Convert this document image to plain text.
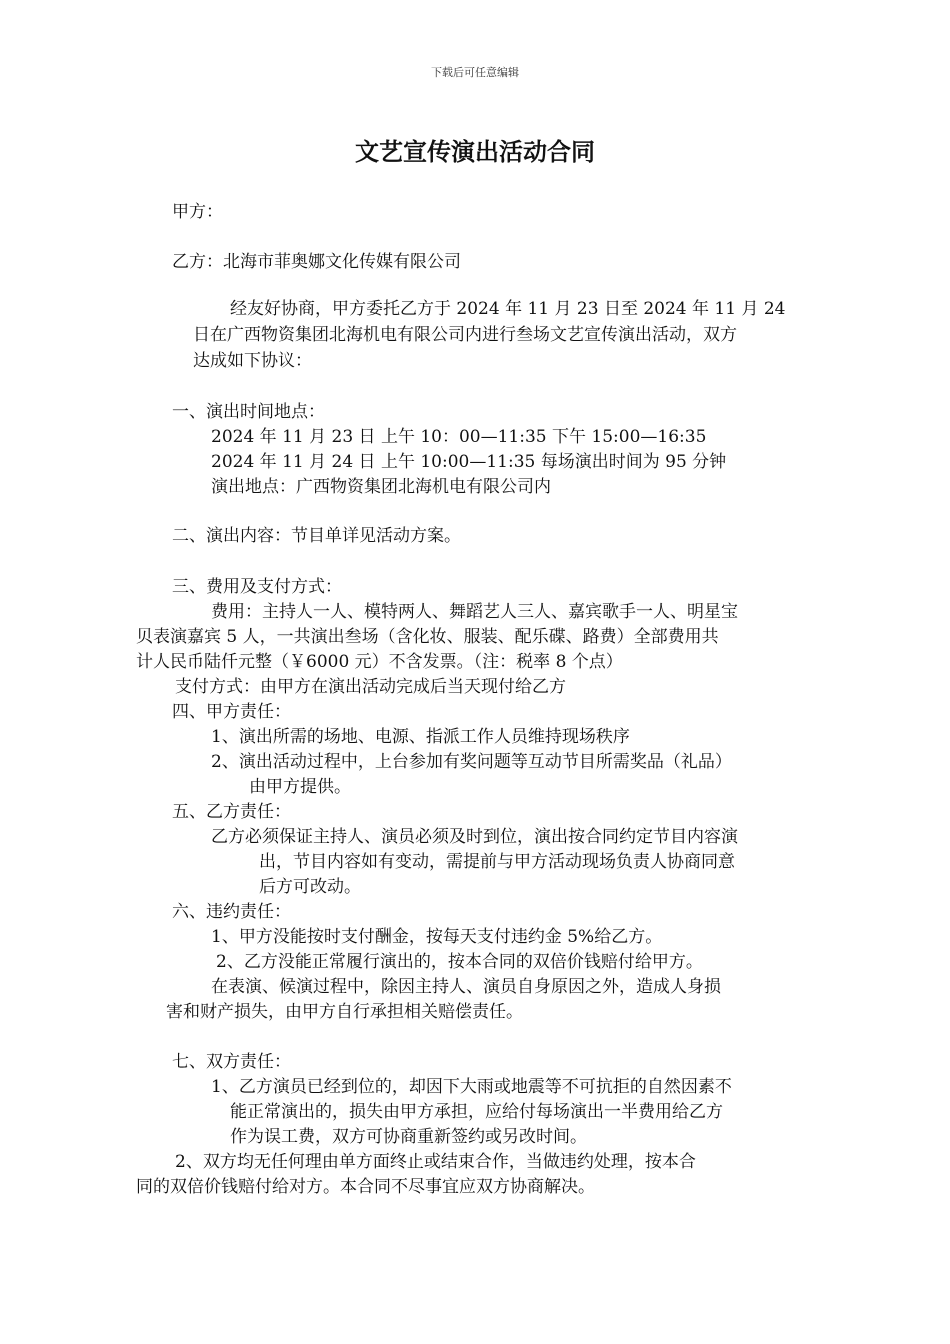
下载后可任意编辑
文艺宣传演出活动合同
甲方：
乙方：北海市菲奥娜文化传媒有限公司
经友好协商，甲方委托乙方于 2024 年 11 月 23 日至 2024 年 11 月 24
日在广西物资集团北海机电有限公司内进行叁场文艺宣传演出活动，双方
达成如下协议：
一、演出时间地点：
2024 年 11 月 23 日 上午 10：00—11:35 下午 15:00—16:35
2024 年 11 月 24 日 上午 10:00—11:35 每场演出时间为 95 分钟
演出地点：广西物资集团北海机电有限公司内
二、演出内容：节目单详见活动方案。
三、费用及支付方式：
费用：主持人一人、模特两人、舞蹈艺人三人、嘉宾歌手一人、明星宝
贝表演嘉宾 5 人，一共演出叁场（含化妆、服装、配乐碟、路费）全部费用共
计人民币陆仟元整（￥6000 元）不含发票。（注：税率 8 个点）
支付方式：由甲方在演出活动完成后当天现付给乙方
四、甲方责任：
1、演出所需的场地、电源、指派工作人员维持现场秩序
2、演出活动过程中，上台参加有奖问题等互动节目所需奖品（礼品）
由甲方提供。
五、乙方责任：
乙方必须保证主持人、演员必须及时到位，演出按合同约定节目内容演
出，节目内容如有变动，需提前与甲方活动现场负责人协商同意
后方可改动。
六、违约责任：
1、甲方没能按时支付酬金，按每天支付违约金 5%给乙方。
2、乙方没能正常履行演出的，按本合同的双倍价钱赔付给甲方。
在表演、候演过程中，除因主持人、演员自身原因之外，造成人身损
害和财产损失，由甲方自行承担相关赔偿责任。
七、双方责任：
1、乙方演员已经到位的，却因下大雨或地震等不可抗拒的自然因素不
能正常演出的，损失由甲方承担，应给付每场演出一半费用给乙方
作为误工费，双方可协商重新签约或另改时间。
2、双方均无任何理由单方面终止或结束合作，当做违约处理，按本合
同的双倍价钱赔付给对方。本合同不尽事宜应双方协商解决。
